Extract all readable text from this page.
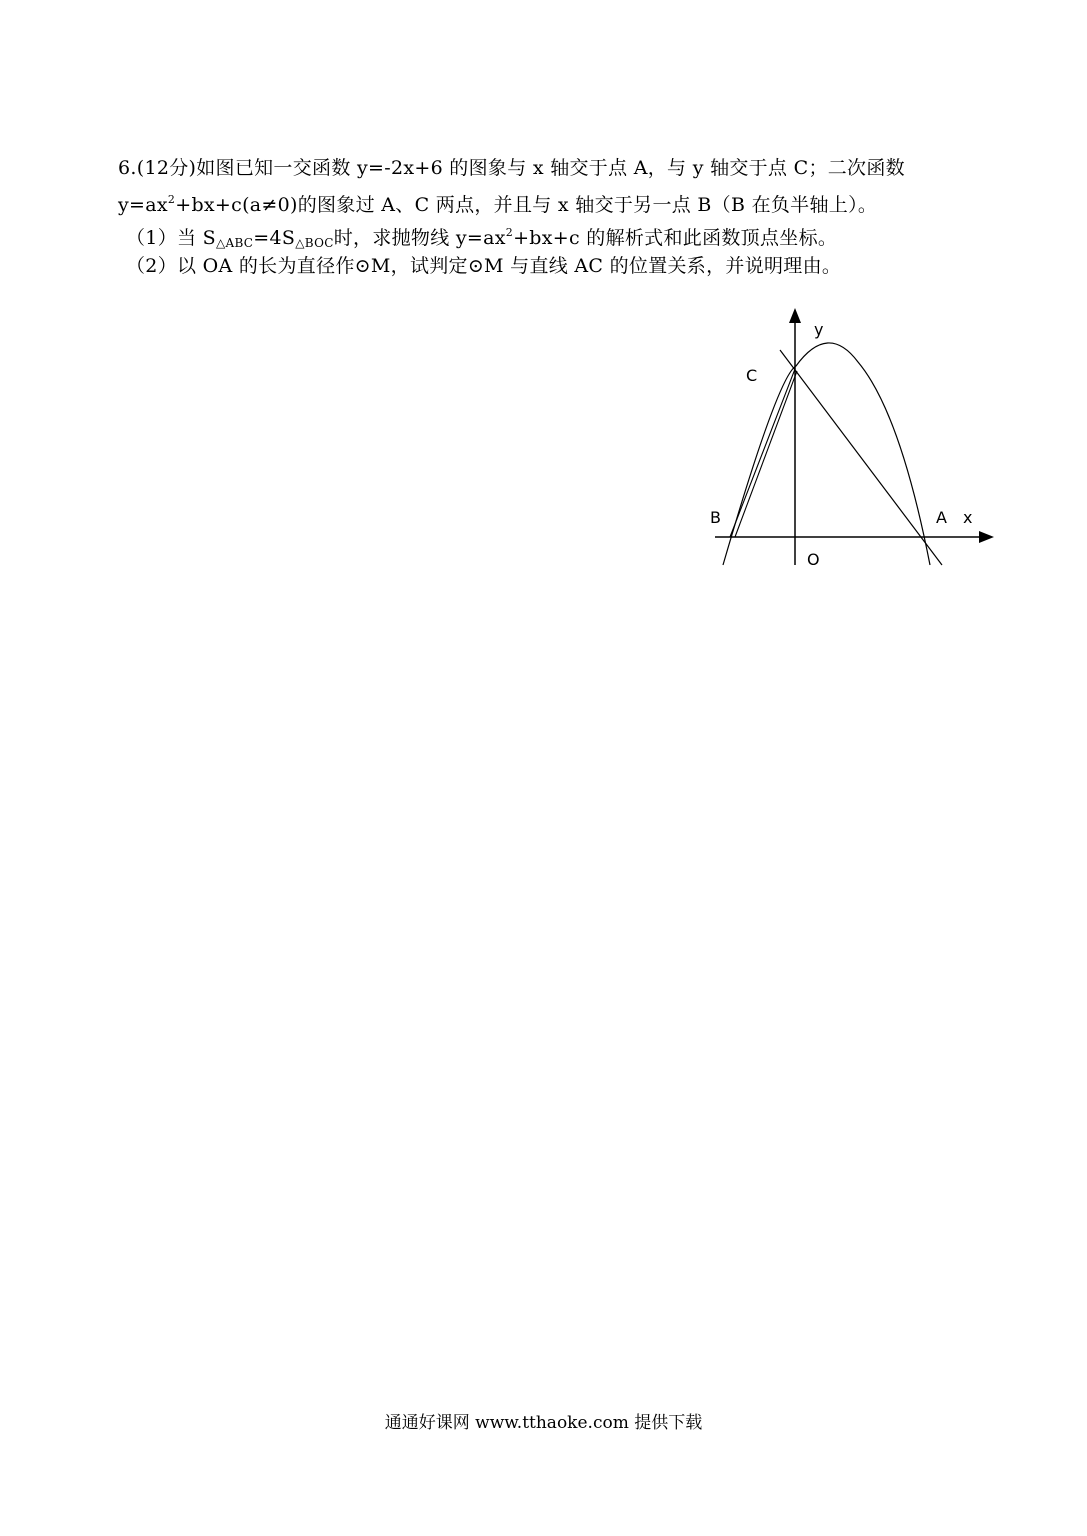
6.(12分)如图已知一交函数 y=-2x+6 的图象与 x 轴交于点 A，与 y 轴交于点 C；二次函数
$y=ax^2+bx+c(a\ne 0)$的图象过 A、C 两点，并且与 x 轴交于另一点 B（B 在负半轴上）。
（1）当 $S_{\triangle ABC}=4S_{\triangle BOC}$时，求抛物线 $y=ax^2+bx+c$ 的解析式和此函数顶点坐标。
（2）以 OA 的长为直径作⊙M，试判定⊙M 与直线 AC 的位置关系，并说明理由。
y
C
B	A x
O
通通好课网 www.tthaoke.com 提供下载
